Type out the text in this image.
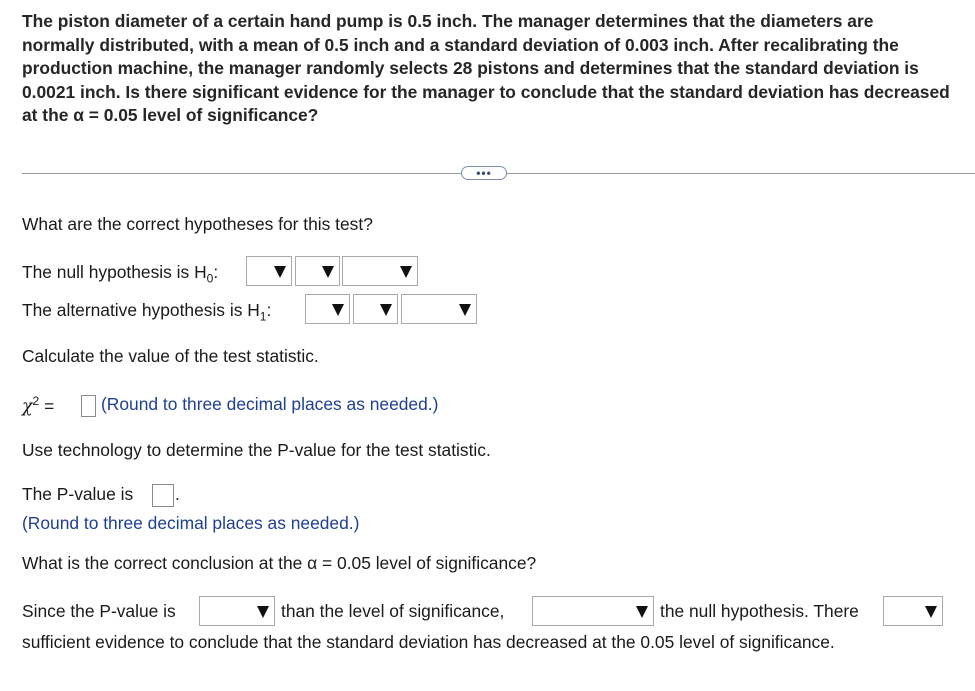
The piston diameter of a certain hand pump is 0.5 inch. The manager determines that the diameters are
normally distributed, with a mean of 0.5 inch and a standard deviation of 0.003 inch. After recalibrating the
production machine, the manager randomly selects 28 pistons and determines that the standard deviation is
0.0021 inch. Is there significant evidence for the manager to conclude that the standard deviation has decreased
at the α = 0.05 level of significance?
•••
What are the correct hypotheses for this test?
The null hypothesis is $H_0$:
The alternative hypothesis is $H_1$:
Calculate the value of the test statistic.
$\chi^2$ =	(Round to three decimal places as needed.)
Use technology to determine the P-value for the test statistic.
The P-value is .
(Round to three decimal places as needed.)
What is the correct conclusion at the α = 0.05 level of significance?
Since the P-value is	than the level of significance,	the null hypothesis. There
sufficient evidence to conclude that the standard deviation has decreased at the 0.05 level of significance.
